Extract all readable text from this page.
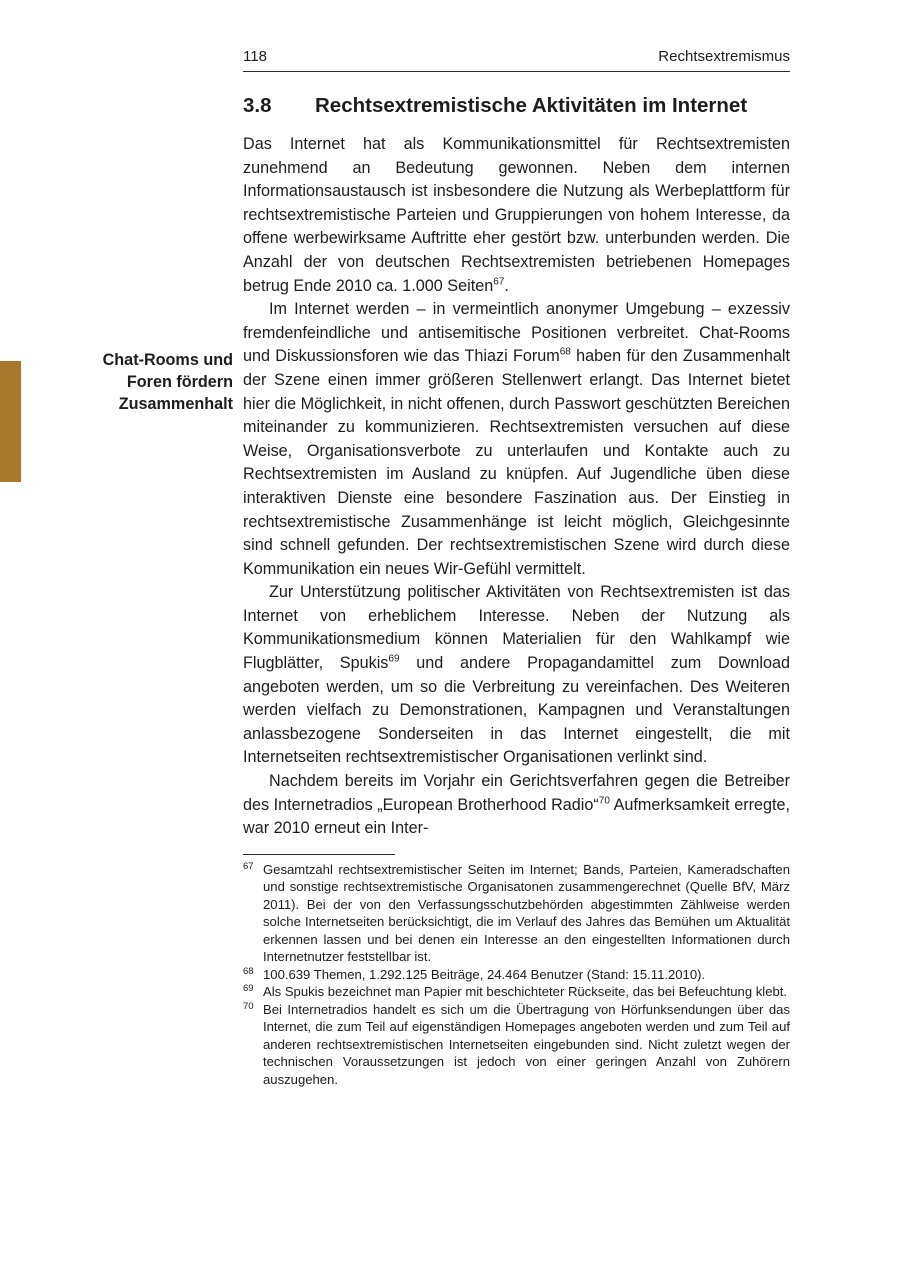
Chat-Rooms und
Foren fördern
Zusammenhalt
118	Rechtsextremismus
3.8	Rechtsextremistische Aktivitäten im Internet

Das Internet hat als Kommunikationsmittel für Rechtsextremisten zunehmend an Bedeutung gewonnen. Neben dem internen Informationsaustausch ist insbesondere die Nutzung als Werbeplattform für rechtsextremistische Parteien und Gruppierungen von hohem Interesse, da offene werbewirksame Auftritte eher gestört bzw. unterbunden werden. Die Anzahl der von deutschen Rechtsextremisten betriebenen Homepages betrug Ende 2010 ca. 1.000 Seiten$^{67}$.

Im Internet werden – in vermeintlich anonymer Umgebung – exzessiv fremdenfeindliche und antisemitische Positionen verbreitet. Chat-Rooms und Diskussionsforen wie das Thiazi Forum$^{68}$ haben für den Zusammenhalt der Szene einen immer größeren Stellenwert erlangt. Das Internet bietet hier die Möglichkeit, in nicht offenen, durch Passwort geschützten Bereichen miteinander zu kommunizieren. Rechtsextremisten versuchen auf diese Weise, Organisationsverbote zu unterlaufen und Kontakte auch zu Rechtsextremisten im Ausland zu knüpfen. Auf Jugendliche üben diese interaktiven Dienste eine besondere Faszination aus. Der Einstieg in rechtsextremistische Zusammenhänge ist leicht möglich, Gleichgesinnte sind schnell gefunden. Der rechtsextremistischen Szene wird durch diese Kommunikation ein neues Wir-Gefühl vermittelt.

Zur Unterstützung politischer Aktivitäten von Rechtsextremisten ist das Internet von erheblichem Interesse. Neben der Nutzung als Kommunikationsmedium können Materialien für den Wahlkampf wie Flugblätter, Spukis$^{69}$ und andere Propagandamittel zum Download angeboten werden, um so die Verbreitung zu vereinfachen. Des Weiteren werden vielfach zu Demonstrationen, Kampagnen und Veranstaltungen anlassbezogene Sonderseiten in das Internet eingestellt, die mit Internetseiten rechtsextremistischer Organisationen verlinkt sind.

Nachdem bereits im Vorjahr ein Gerichtsverfahren gegen die Betreiber des Internetradios „European Brotherhood Radio“$^{70}$ Aufmerksamkeit erregte, war 2010 erneut ein Inter-

67 Gesamtzahl rechtsextremistischer Seiten im Internet; Bands, Parteien, Kameradschaften und sonstige rechtsextremistische Organisatonen zusammengerechnet (Quelle BfV, März 2011). Bei der von den Verfassungsschutzbehörden abgestimmten Zählweise werden solche Internetseiten berücksichtigt, die im Verlauf des Jahres das Bemühen um Aktualität erkennen lassen und bei denen ein Interesse an den eingestellten Informationen durch Internetnutzer feststellbar ist.
68 100.639 Themen, 1.292.125 Beiträge, 24.464 Benutzer (Stand: 15.11.2010).
69 Als Spukis bezeichnet man Papier mit beschichteter Rückseite, das bei Befeuchtung klebt.
70 Bei Internetradios handelt es sich um die Übertragung von Hörfunksendungen über das Internet, die zum Teil auf eigenständigen Homepages angeboten werden und zum Teil auf anderen rechtsextremistischen Internetseiten eingebunden sind. Nicht zuletzt wegen der technischen Voraussetzungen ist jedoch von einer geringen Anzahl von Zuhörern auszugehen.
